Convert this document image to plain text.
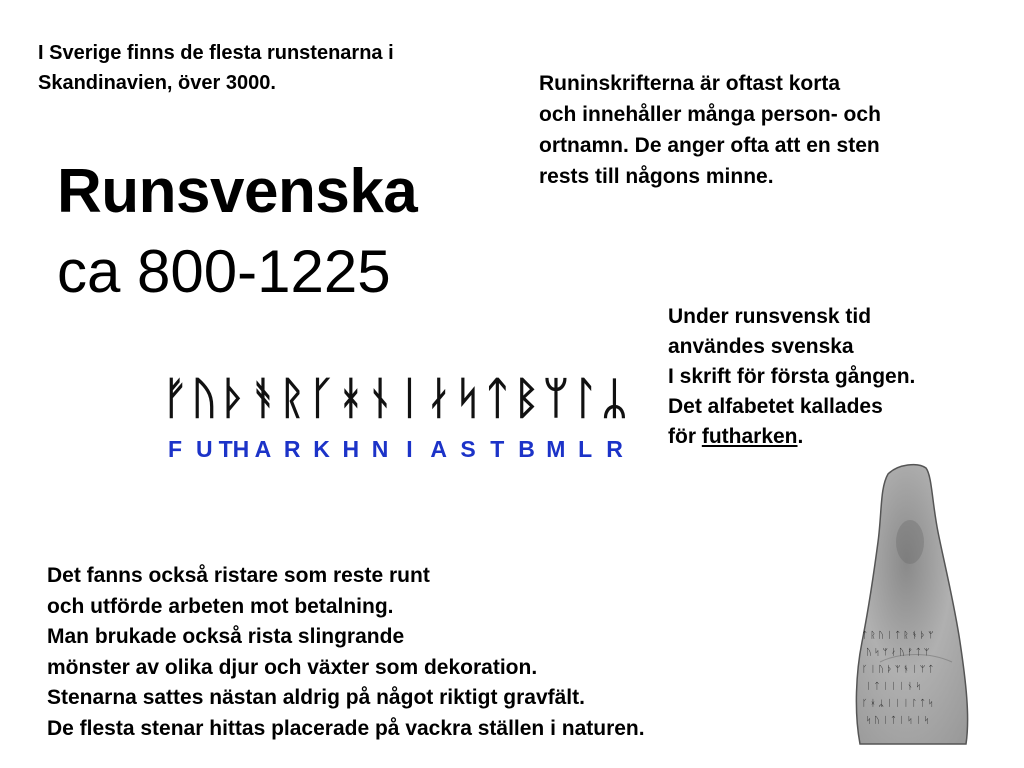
I Sverige finns de flesta runstenarna i
Skandinavien, över 3000.	Runinskrifterna är oftast korta
och innehåller många person- och
ortnamn. De anger ofta att en sten
rests till någons minne.

Runsvenska
ca 800-1225
ᚠ ᚢ ᚦ ᚬ ᚱ ᚴ ᚼ ᚾ ᛁ ᛅ ᛋ ᛏ ᛒ ᛘ ᛚ ᛦ
F U TH A R K H N I A S T B M L R

Under runsvensk tid
användes svenska
I skrift för första gången.
Det alfabetet kallades
för futharken.

ᛏ ᚱ ᚢ ᛁ ᛏ ᚱ ᚬ ᚦ ᛘ
ᚢ ᛋ ᛘ ᛅ ᚢ ᚠ ᛏ ᛘ
ᚴ ᛁ ᚢ ᚦ ᛘ ᚬ ᛁ ᛘ ᛏ
ᛁ ᛏ ᛁ ᛁ ᛁ ᚾ ᛋ
ᚴ ᚼ ᛦ ᛁ ᛁ ᛁ ᛚ ᛏ ᛋ
ᛋ ᚢ ᛁ ᛏ ᛁ ᛋ ᛁ ᛋ

Det fanns också ristare som reste runt
och utförde arbeten mot betalning.
Man brukade också rista slingrande
mönster av olika djur och växter som dekoration.
Stenarna sattes nästan aldrig på något riktigt gravfält.
De flesta stenar hittas placerade på vackra ställen i naturen.
